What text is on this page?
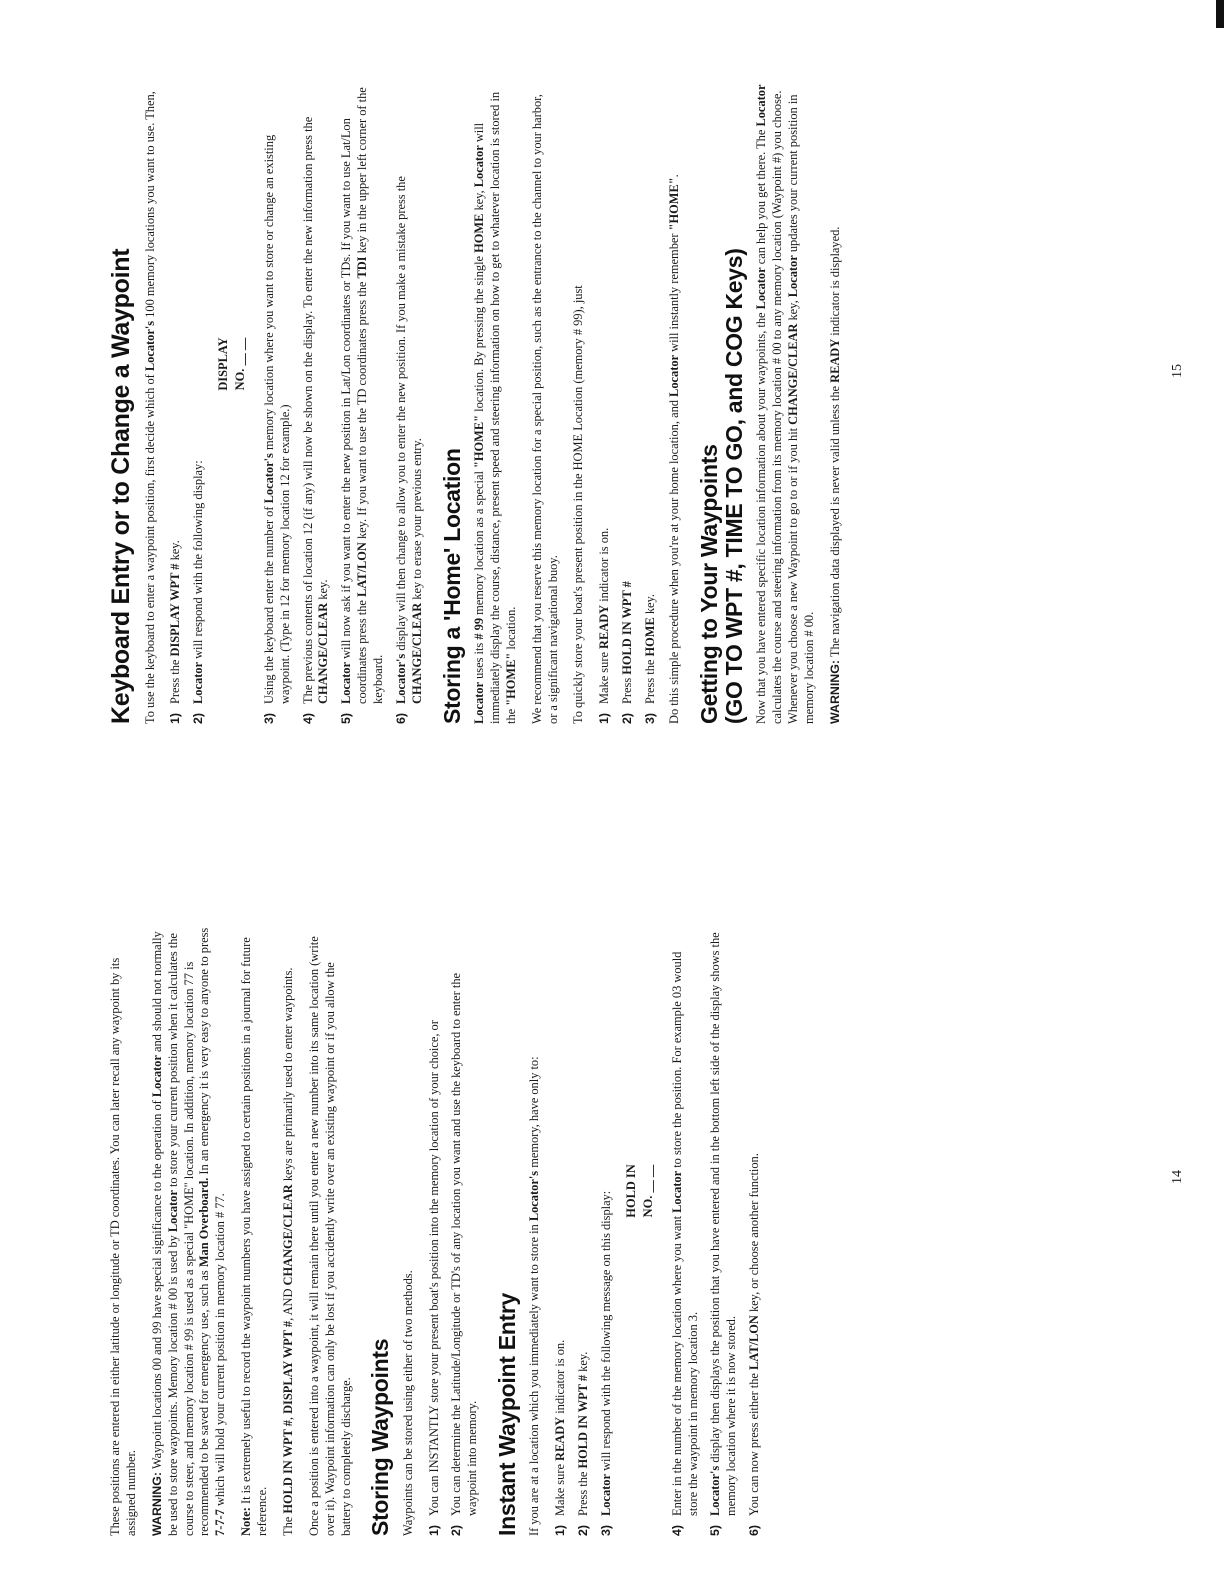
These positions are entered in either latitude or longitude or TD coordinates. You can later recall any waypoint by its assigned number. WARNING: Waypoint locations 00 and 99 have special significance to the operation of Locator and should not normally be used to store waypoints. Memory location # 00 is used by Locator to store your current position when it calculates the course to steer, and memory location # 99 is used as a special "HOME" location. In addition, memory location 77 is recommended to be saved for emergency use, such as Man Overboard. In an emergency it is very easy to anyone to press 7-7-7 which will hold your current position in memory location # 77.

Note: It is extremely useful to record the waypoint numbers you have assigned to certain positions in a journal for future reference. The HOLD IN WPT #, DISPLAY WPT #, AND CHANGE/CLEAR keys are primarily used to enter waypoints. Once a position is entered into a waypoint, it will remain there until you enter a new number into its same location (write over it). Waypoint information can only be lost if you accidently write over an existing waypoint or if you allow the battery to completely discharge. Storing Waypoints Waypoints can be stored using either of two methods. 1)
You can INSTANTLY store your present boat's position into the memory location of your choice, or
2)
You can determine the Latitude/Longitude or TD's of any location you want and use the keyboard to enter the waypoint into memory. Instant Waypoint Entry If you are at a location which you immediately want to store in Locator's memory, have only to:

1)
Make sure READY indicator is on.
2)
Press the HOLD IN WPT # key.
3)
Locator will respond with the following message on this display: HOLD IN NO. __ __
4)
Enter in the number of the memory location where you want Locator to store the position. For example 03 would store the waypoint in memory location 3.
5)
Locator's display then displays the position that you have entered and in the bottom left side of the display shows the memory location where it is now stored.
6)
You can now press either the LAT/LON key, or choose another function.	14
Keyboard Entry or to Change a Waypoint To use the keyboard to enter a waypoint position, first decide which of Locator's 100 memory locations you want to use. Then,

1)
Press the DISPLAY WPT # key.
2)
Locator will respond with the following display:
DISPLAY NO. __ __
3)
Using the keyboard enter the number of Locator's memory location where you want to store or change an existing waypoint. (Type in 12 for memory location 12 for example.)
4)
The previous contents of location 12 (if any) will now be shown on the display. To enter the new information press the CHANGE/CLEAR key.
5)
Locator will now ask if you want to enter the new position in Lat/Lon coordinates or TDs. If you want to use Lat/Lon coordinates press the LAT/LON key. If you want to use the TD coordinates press the TDI key in the upper left corner of the keyboard.
6)
Locator's display will then change to allow you to enter the new position. If you make a mistake press the CHANGE/CLEAR key to erase your previous entry. Storing a 'Home' Location Locator uses its # 99 memory location as a special "HOME" location. By pressing the single HOME key, Locator will immediately display the course, distance, present speed and steering information on how to get to whatever location is stored in the "HOME" location. We recommend that you reserve this memory location for a special position, such as the entrance to the channel to your harbor, or a significant navigational buoy. To quickly store your boat's present position in the HOME Location (memory # 99), just 1)
Make sure READY indicator is on.
2)
Press HOLD IN WPT #
3)
Press the HOME key. Do this simple procedure when you're at your home location, and Locator will instantly remember "HOME".

Getting to Your Waypoints
(GO TO WPT #, TIME TO GO, and COG Keys) Now that you have entered specific location information about your waypoints, the Locator can help you get there. The Locator calculates the course and steering information from its memory location # 00 to any memory location (Waypoint #) you choose. Whenever you choose a new Waypoint to go to or if you hit CHANGE/CLEAR key, Locator updates your current position in memory location # 00. WARNING: The navigation data displayed is never valid unless the READY indicator is displayed.

15
